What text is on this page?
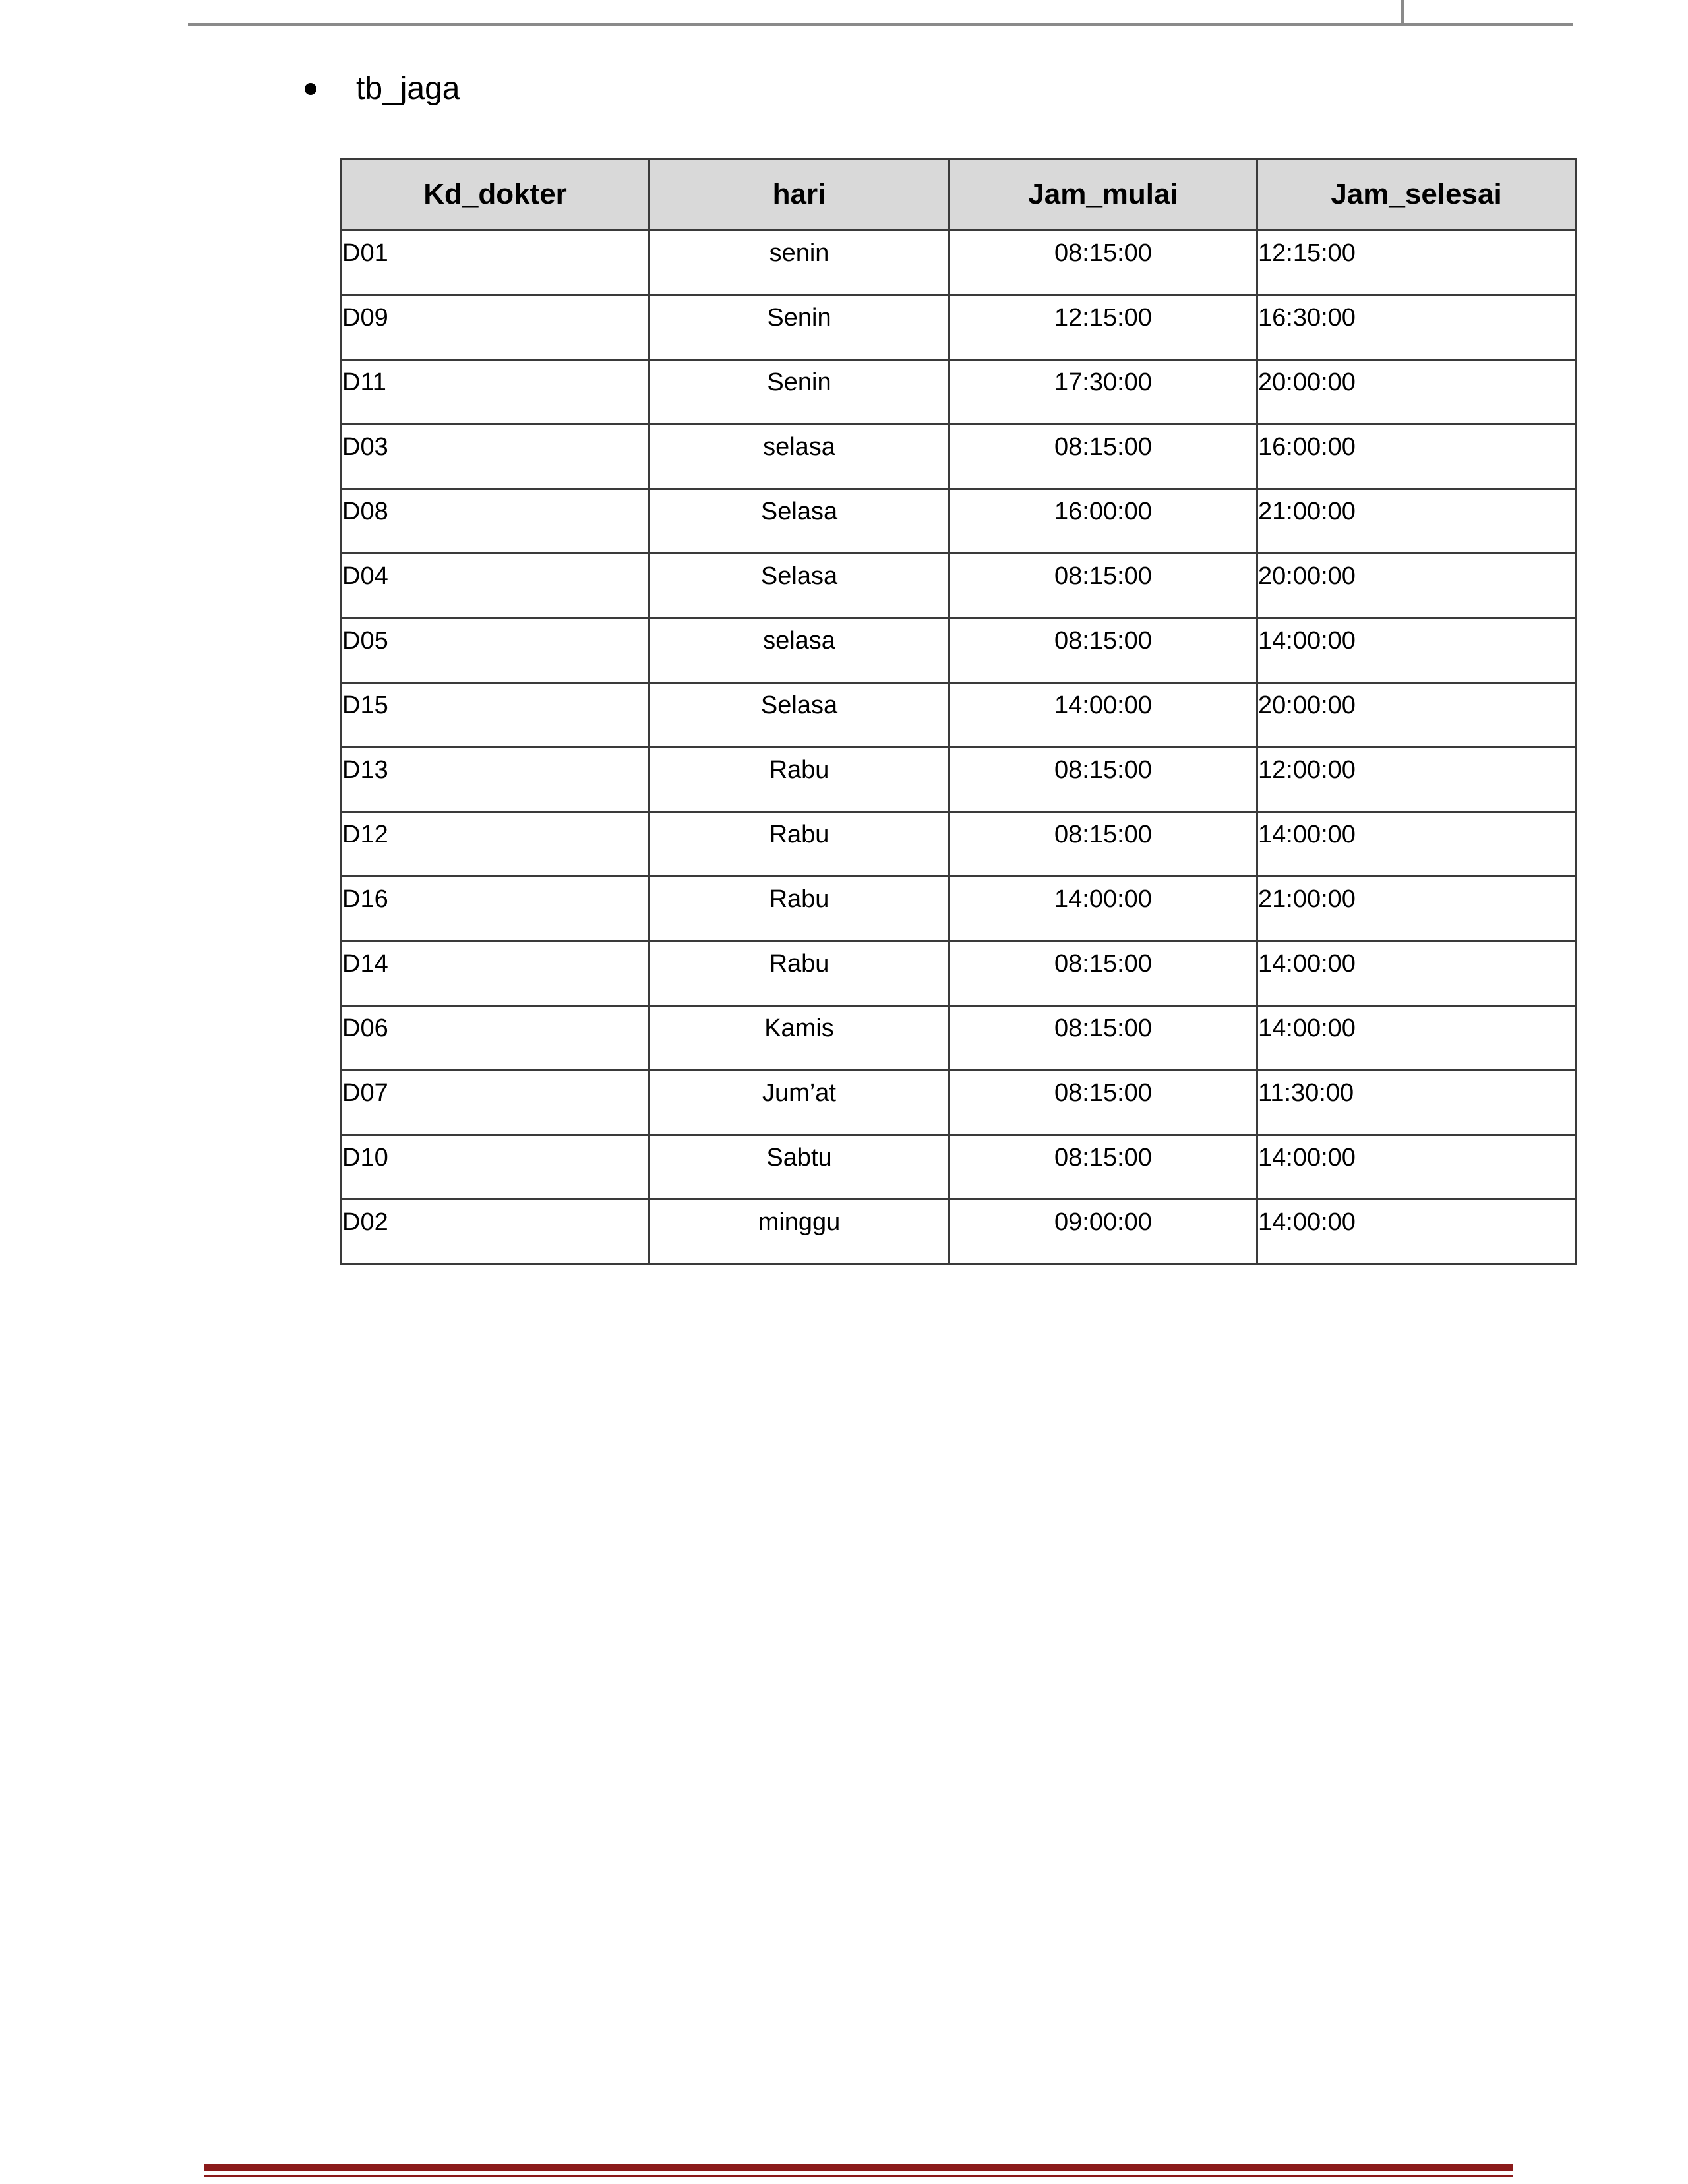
tb_jaga
Kd_dokter	hari	Jam_mulai	Jam_selesai
D01	senin	08:15:00	12:15:00
D09	Senin	12:15:00	16:30:00
D11	Senin	17:30:00	20:00:00
D03	selasa	08:15:00	16:00:00
D08	Selasa	16:00:00	21:00:00
D04	Selasa	08:15:00	20:00:00
D05	selasa	08:15:00	14:00:00
D15	Selasa	14:00:00	20:00:00
D13	Rabu	08:15:00	12:00:00
D12	Rabu	08:15:00	14:00:00
D16	Rabu	14:00:00	21:00:00
D14	Rabu	08:15:00	14:00:00
D06	Kamis	08:15:00	14:00:00
D07	Jum’at	08:15:00	11:30:00
D10	Sabtu	08:15:00	14:00:00
D02	minggu	09:00:00	14:00:00
